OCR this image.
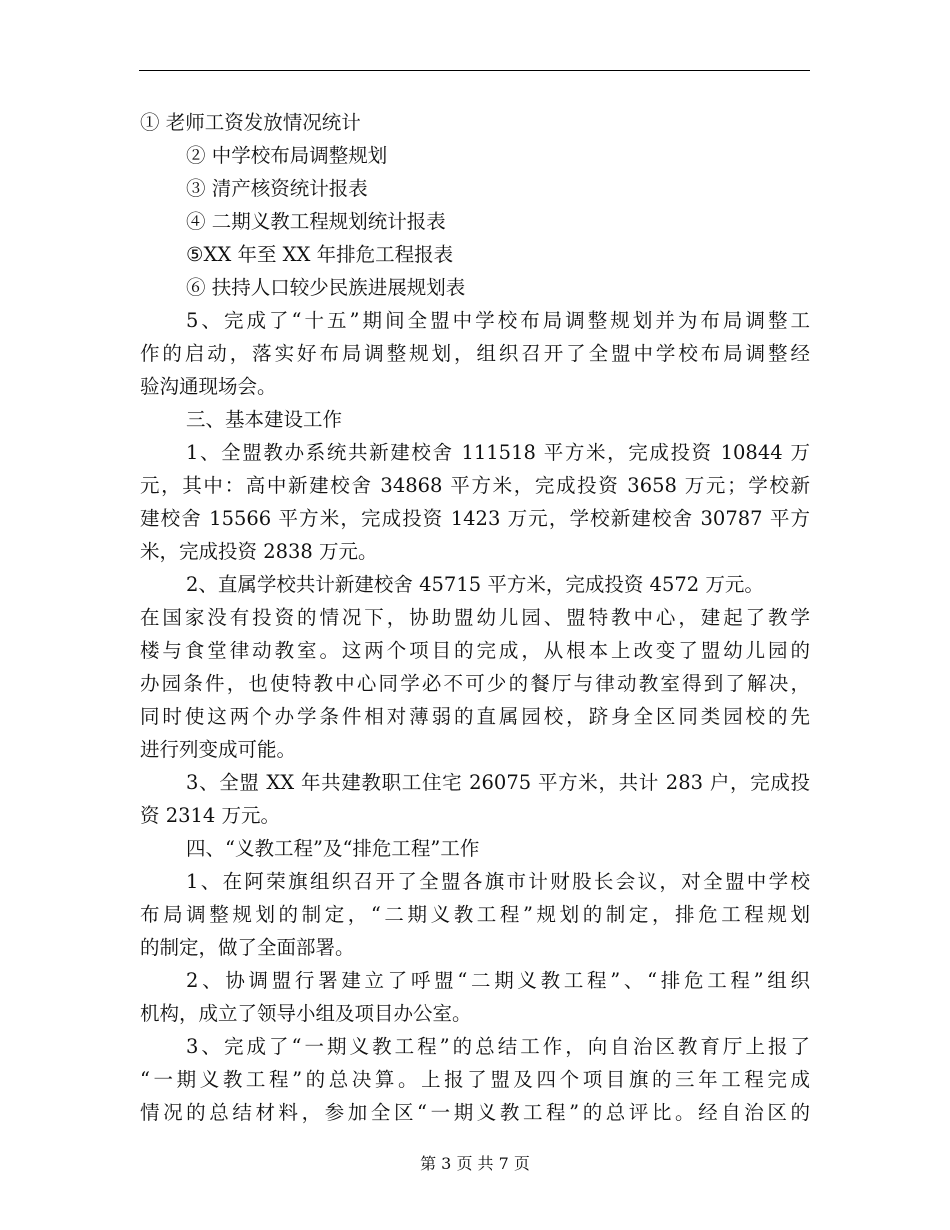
① 老师工资发放情况统计
② 中学校布局调整规划
③ 清产核资统计报表
④ 二期义教工程规划统计报表
⑤XX 年至 XX 年排危工程报表
⑥ 扶持人口较少民族进展规划表
5、完成了“十五”期间全盟中学校布局调整规划并为布局调整工
作的启动，落实好布局调整规划，组织召开了全盟中学校布局调整经
验沟通现场会。
三、基本建设工作
1、全盟教办系统共新建校舍 111518 平方米，完成投资 10844 万
元，其中：高中新建校舍 34868 平方米，完成投资 3658 万元；学校新
建校舍 15566 平方米，完成投资 1423 万元，学校新建校舍 30787 平方
米，完成投资 2838 万元。
2、直属学校共计新建校舍 45715 平方米，完成投资 4572 万元。
在国家没有投资的情况下，协助盟幼儿园、盟特教中心，建起了教学
楼与食堂律动教室。这两个项目的完成，从根本上改变了盟幼儿园的
办园条件，也使特教中心同学必不可少的餐厅与律动教室得到了解决，
同时使这两个办学条件相对薄弱的直属园校，跻身全区同类园校的先
进行列变成可能。
3、全盟 XX 年共建教职工住宅 26075 平方米，共计 283 户，完成投
资 2314 万元。
四、“义教工程”及“排危工程”工作
1、在阿荣旗组织召开了全盟各旗市计财股长会议，对全盟中学校
布局调整规划的制定，“二期义教工程”规划的制定，排危工程规划
的制定，做了全面部署。
2、协调盟行署建立了呼盟“二期义教工程”、“排危工程”组织
机构，成立了领导小组及项目办公室。
3、完成了“一期义教工程”的总结工作，向自治区教育厅上报了
“一期义教工程”的总决算。上报了盟及四个项目旗的三年工程完成
情况的总结材料，参加全区“一期义教工程”的总评比。经自治区的
第 3 页 共 7 页
